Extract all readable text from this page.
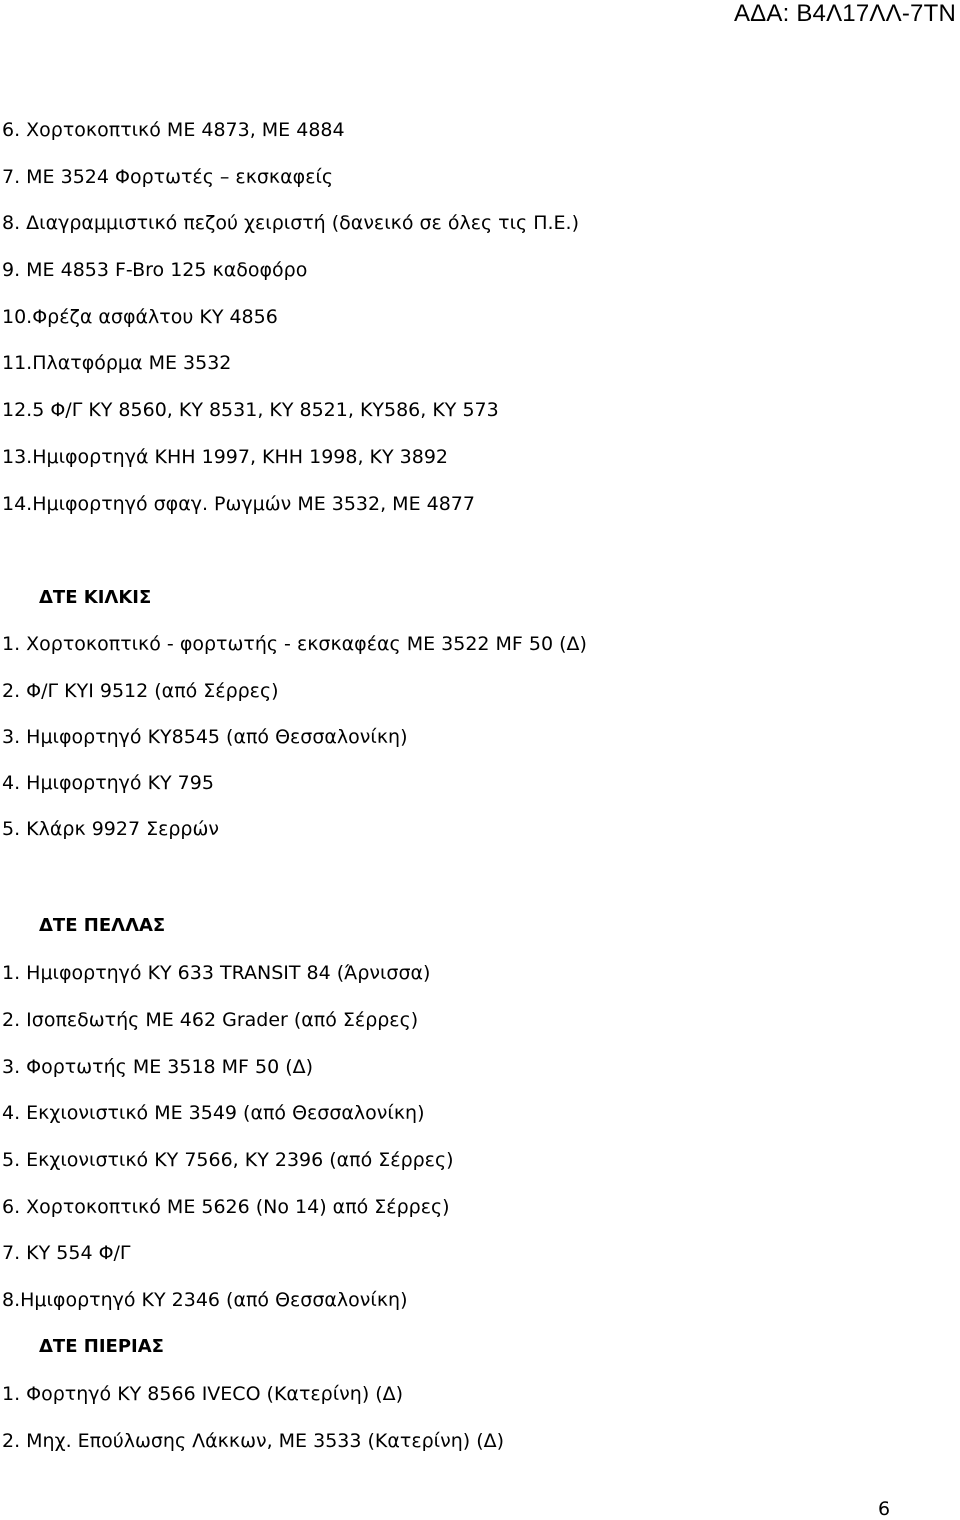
ΑΔΑ: Β4Λ17ΛΛ-7ΤΝ
6. Χορτοκοπτικό ΜΕ 4873, ΜΕ 4884
7. ΜΕ 3524 Φορτωτές – εκσκαφείς
8. Διαγραμμιστικό πεζού χειριστή (δανεικό σε όλες τις Π.Ε.)
9. ΜΕ 4853 F-Bro 125 καδοφόρο
10.Φρέζα ασφάλτου ΚΥ 4856
11.Πλατφόρμα ΜΕ 3532
12.5 Φ/Γ ΚΥ 8560, ΚΥ 8531, ΚΥ 8521, ΚΥ586, ΚΥ 573
13.Ημιφορτηγά ΚΗΗ 1997, ΚΗΗ 1998, ΚΥ 3892
14.Ημιφορτηγό σφαγ. Ρωγμών ΜΕ 3532, ΜΕ 4877
ΔΤΕ ΚΙΛΚΙΣ
1. Χορτοκοπτικό - φορτωτής - εκσκαφέας ΜΕ 3522 MF 50 (Δ)
2. Φ/Γ ΚΥΙ 9512 (από Σέρρες)
3. Ημιφορτηγό ΚΥ8545 (από Θεσσαλονίκη)
4. Ημιφορτηγό ΚΥ 795
5. Κλάρκ 9927 Σερρών
ΔΤΕ ΠΕΛΛΑΣ
1. Ημιφορτηγό ΚΥ 633 TRANSIT 84 (Άρνισσα)
2. Ισοπεδωτής ΜΕ 462 Grader (από Σέρρες)
3. Φορτωτής ΜΕ 3518 MF 50 (Δ)
4. Εκχιονιστικό ΜΕ 3549 (από Θεσσαλονίκη)
5. Εκχιονιστικό ΚΥ 7566, ΚΥ 2396 (από Σέρρες)
6. Χορτοκοπτικό ΜΕ 5626 (Νο 14) από Σέρρες)
7. ΚΥ 554 Φ/Γ
8.Ημιφορτηγό ΚΥ 2346 (από Θεσσαλονίκη)
ΔΤΕ ΠΙΕΡΙΑΣ
1. Φορτηγό ΚΥ 8566 IVECO (Κατερίνη) (Δ)
2. Μηχ. Επούλωσης Λάκκων, ΜΕ 3533 (Κατερίνη) (Δ)
6
